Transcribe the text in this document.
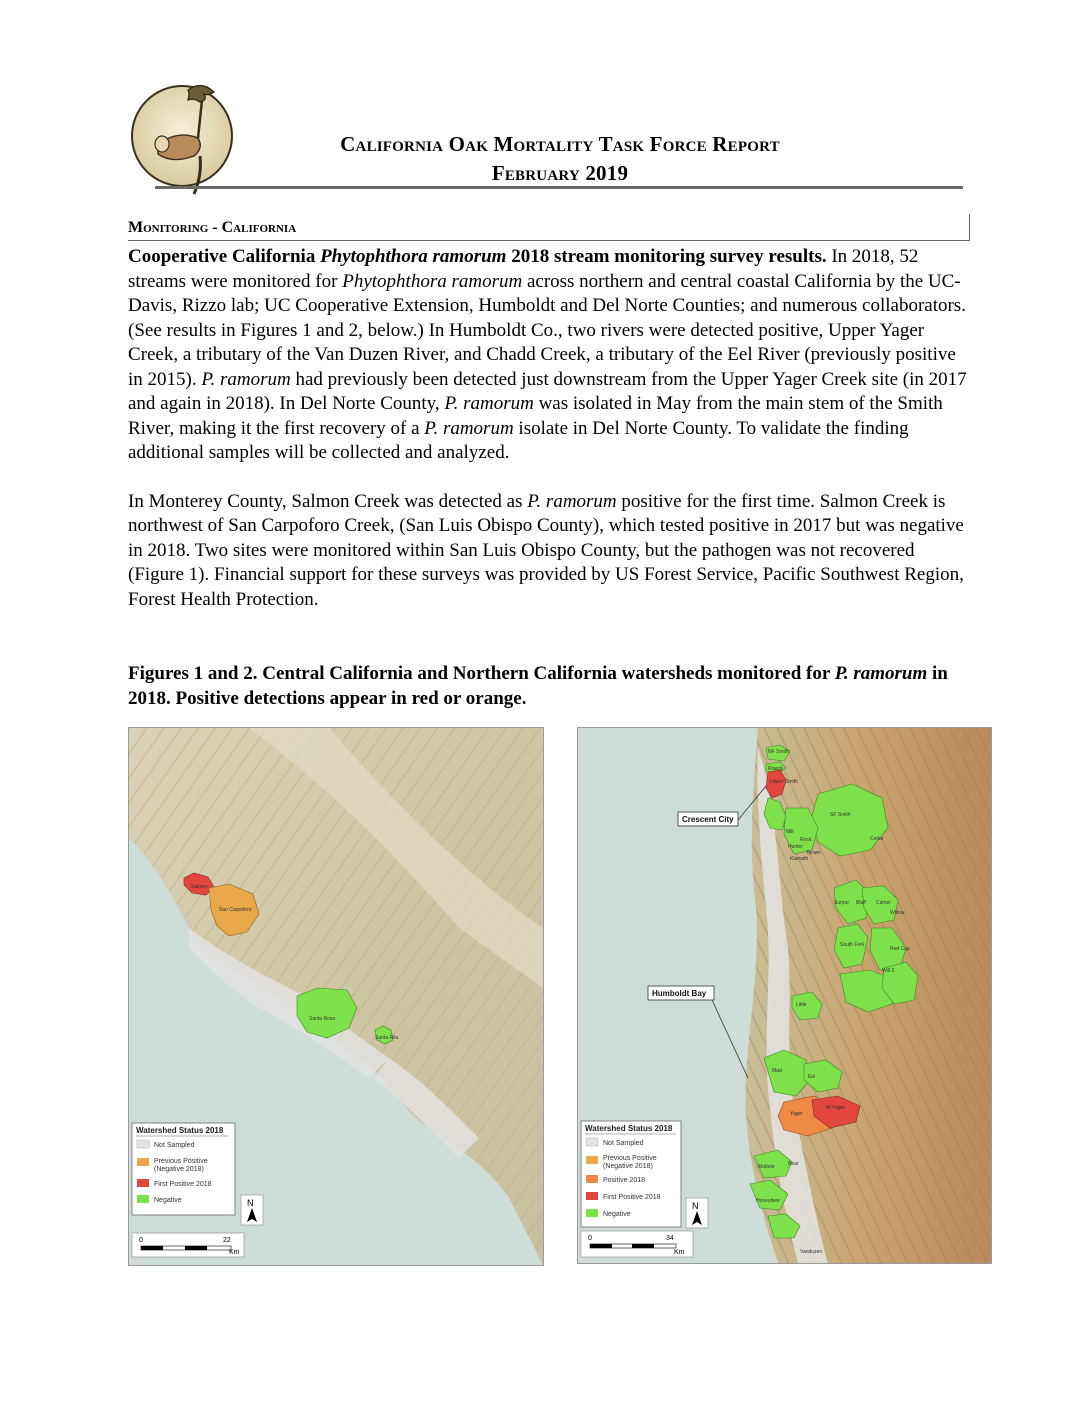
California Oak Mortality Task Force Report
February 2019
Monitoring - California

Cooperative California Phytophthora ramorum 2018 stream monitoring survey results. In 2018, 52 streams were monitored for Phytophthora ramorum across northern and central coastal California by the UC-Davis, Rizzo lab; UC Cooperative Extension, Humboldt and Del Norte Counties; and numerous collaborators. (See results in Figures 1 and 2, below.) In Humboldt Co., two rivers were detected positive, Upper Yager Creek, a tributary of the Van Duzen River, and Chadd Creek, a tributary of the Eel River (previously positive in 2015). P. ramorum had previously been detected just downstream from the Upper Yager Creek site (in 2017 and again in 2018). In Del Norte County, P. ramorum was isolated in May from the main stem of the Smith River, making it the first recovery of a P. ramorum isolate in Del Norte County. To validate the finding additional samples will be collected and analyzed.

In Monterey County, Salmon Creek was detected as P. ramorum positive for the first time. Salmon Creek is northwest of San Carpoforo Creek, (San Luis Obispo County), which tested positive in 2017 but was negative in 2018. Two sites were monitored within San Luis Obispo County, but the pathogen was not recovered (Figure 1). Financial support for these surveys was provided by US Forest Service, Pacific Southwest Region, Forest Health Protection.

Figures 1 and 2. Central California and Northern California watersheds monitored for P. ramorum in 2018. Positive detections appear in red or orange.
Salmon
San Carpoforo
Santa Rosa
Santa Rita
Watershed Status 2018
Not Sampled
Previous Positive
(Negative 2018)
First Positive 2018
Negative	N
0	22
Km
NF Smith
Rowdy
Lower Smith
Mill
SF Smith
Hunter
Rock
Terwer
Cedar
Klamath
Surpur Bluff Camel
Willow
South Fork
Red Cap
Will 2
Little
Mad
Eel
Yager
W Yager
Bear
Mattole
Honeydew
Vanduzen
Crescent City
Humboldt Bay
Watershed Status 2018
Not Sampled
Previous Positive
(Negative 2018)
Positive 2018
First Positive 2018
Negative
N
0	34
Km
